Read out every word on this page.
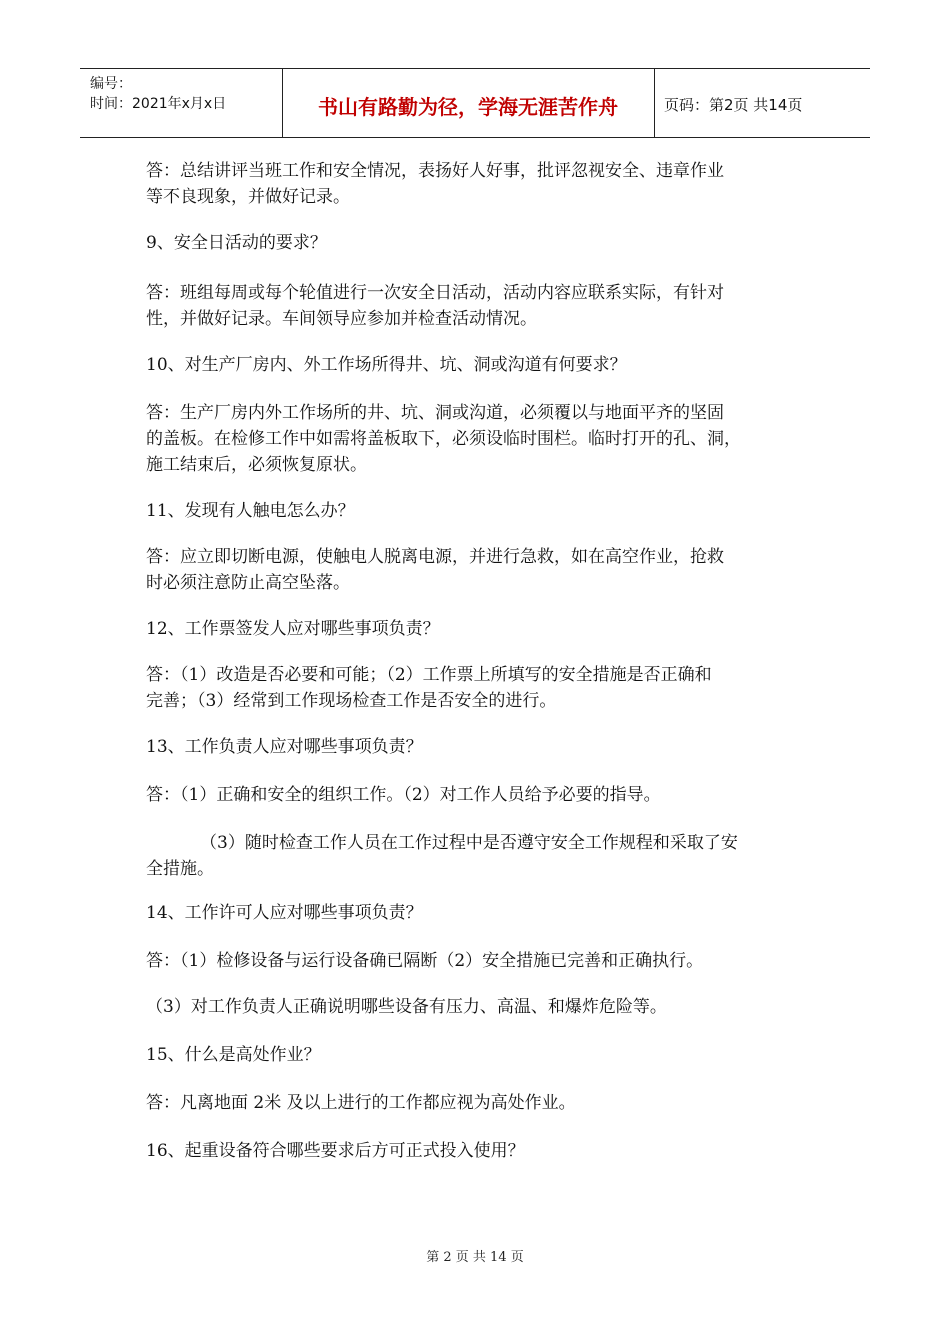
编号：
时间：2021年x月x日	书山有路勤为径，学海无涯苦作舟	页码：第2页 共14页
答：总结讲评当班工作和安全情况，表扬好人好事，批评忽视安全、违章作业
等不良现象，并做好记录。
9、安全日活动的要求？
答：班组每周或每个轮值进行一次安全日活动，活动内容应联系实际，有针对
性，并做好记录。车间领导应参加并检查活动情况。
10、对生产厂房内、外工作场所得井、坑、洞或沟道有何要求？
答：生产厂房内外工作场所的井、坑、洞或沟道，必须覆以与地面平齐的坚固
的盖板。在检修工作中如需将盖板取下，必须设临时围栏。临时打开的孔、洞，
施工结束后，必须恢复原状。
11、发现有人触电怎么办？
答：应立即切断电源，使触电人脱离电源，并进行急救，如在高空作业，抢救
时必须注意防止高空坠落。
12、工作票签发人应对哪些事项负责？
答：（1）改造是否必要和可能；（2）工作票上所填写的安全措施是否正确和
完善；（3）经常到工作现场检查工作是否安全的进行。
13、工作负责人应对哪些事项负责？
答：（1）正确和安全的组织工作。（2）对工作人员给予必要的指导。
（3）随时检查工作人员在工作过程中是否遵守安全工作规程和采取了安
全措施。
14、工作许可人应对哪些事项负责？
答：（1）检修设备与运行设备确已隔断（2）安全措施已完善和正确执行。
（3）对工作负责人正确说明哪些设备有压力、高温、和爆炸危险等。
15、什么是高处作业？
答：凡离地面 2米 及以上进行的工作都应视为高处作业。
16、起重设备符合哪些要求后方可正式投入使用？
第 2 页 共 14 页
